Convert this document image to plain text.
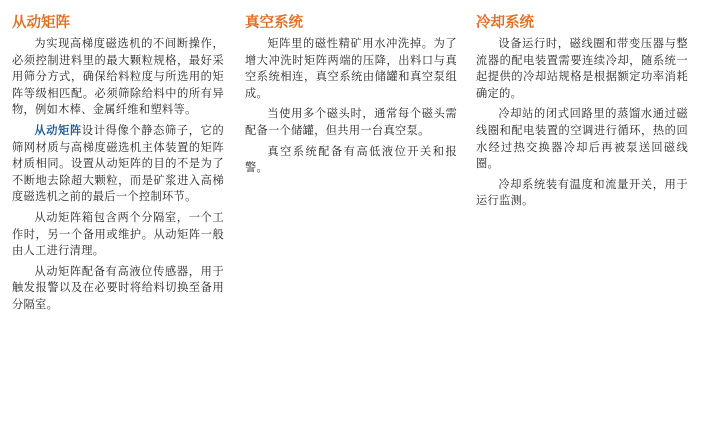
从动矩阵

为实现高梯度磁选机的不间断操作，必须控制进料里的最大颗粒规格，最好采用筛分方式，确保给料粒度与所选用的矩阵等级相匹配。必须筛除给料中的所有异物，例如木棒、金属纤维和塑料等。

从动矩阵设计得像个静态筛子，它的筛网材质与高梯度磁选机主体装置的矩阵材质相同。设置从动矩阵的目的不是为了不断地去除超大颗粒，而是矿浆进入高梯度磁选机之前的最后一个控制环节。

从动矩阵箱包含两个分隔室，一个工作时，另一个备用或维护。从动矩阵一般由人工进行清理。

从动矩阵配备有高液位传感器，用于触发报警以及在必要时将给料切换至备用分隔室。

真空系统

矩阵里的磁性精矿用水冲洗掉。为了增大冲洗时矩阵两端的压降，出料口与真空系统相连，真空系统由储罐和真空泵组成。

当使用多个磁头时，通常每个磁头需配备一个储罐，但共用一台真空泵。

真空系统配备有高低液位开关和报警。

冷却系统

设备运行时，磁线圈和带变压器与整流器的配电装置需要连续冷却，随系统一起提供的冷却站规格是根据额定功率消耗确定的。

冷却站的闭式回路里的蒸馏水通过磁线圈和配电装置的空调进行循环，热的回水经过热交换器冷却后再被泵送回磁线圈。

冷却系统装有温度和流量开关，用于运行监测。
